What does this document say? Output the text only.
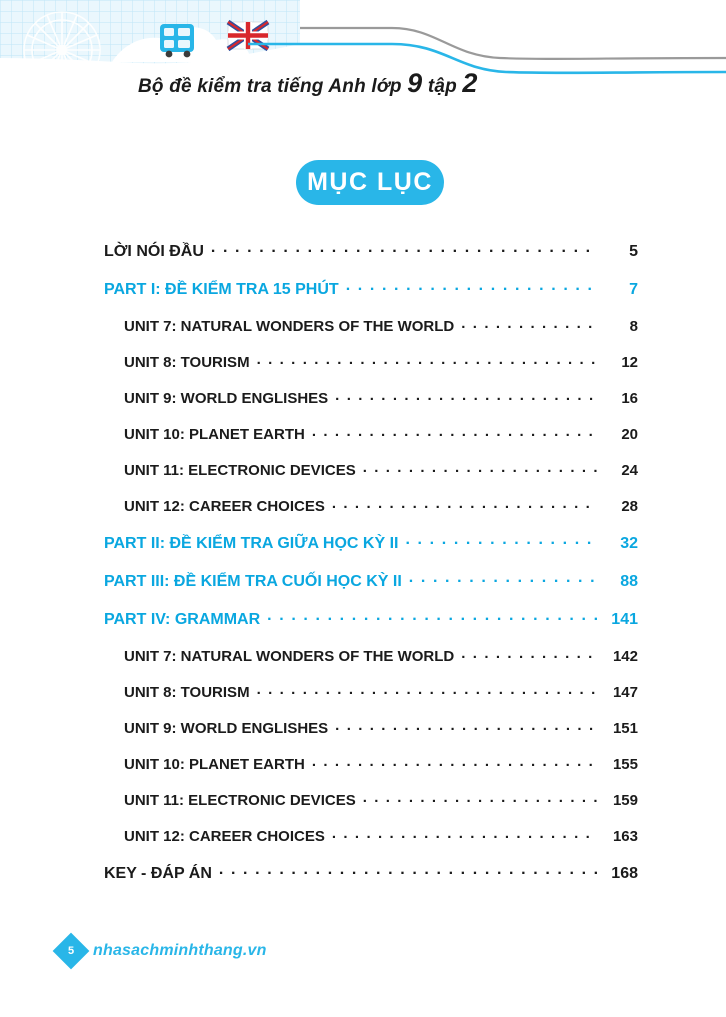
Bộ đề kiểm tra tiếng Anh lớp 9 tập 2
MỤC LỤC
LỜI NÓI ĐẦU . . .	5
PART I: ĐỀ KIỂM TRA 15 PHÚT . . .	7
UNIT 7: NATURAL WONDERS OF THE WORLD . . .	8
UNIT 8: TOURISM . . .	12
UNIT 9: WORLD ENGLISHES . . .	16
UNIT 10: PLANET EARTH . . .	20
UNIT 11: ELECTRONIC DEVICES . . .	24
UNIT 12: CAREER CHOICES . . .	28
PART II: ĐỀ KIỂM TRA GIỮA HỌC KỲ II . . .	32
PART III: ĐỀ KIỂM TRA CUỐI HỌC KỲ II . . .	88
PART IV: GRAMMAR . . .	141
UNIT 7: NATURAL WONDERS OF THE WORLD . . .	142
UNIT 8: TOURISM . . .	147
UNIT 9: WORLD ENGLISHES . . .	151
UNIT 10: PLANET EARTH . . .	155
UNIT 11: ELECTRONIC DEVICES . . .	159
UNIT 12: CAREER CHOICES . . .	163
KEY - ĐÁP ÁN . . .	168
5 nhasachminhthang.vn
